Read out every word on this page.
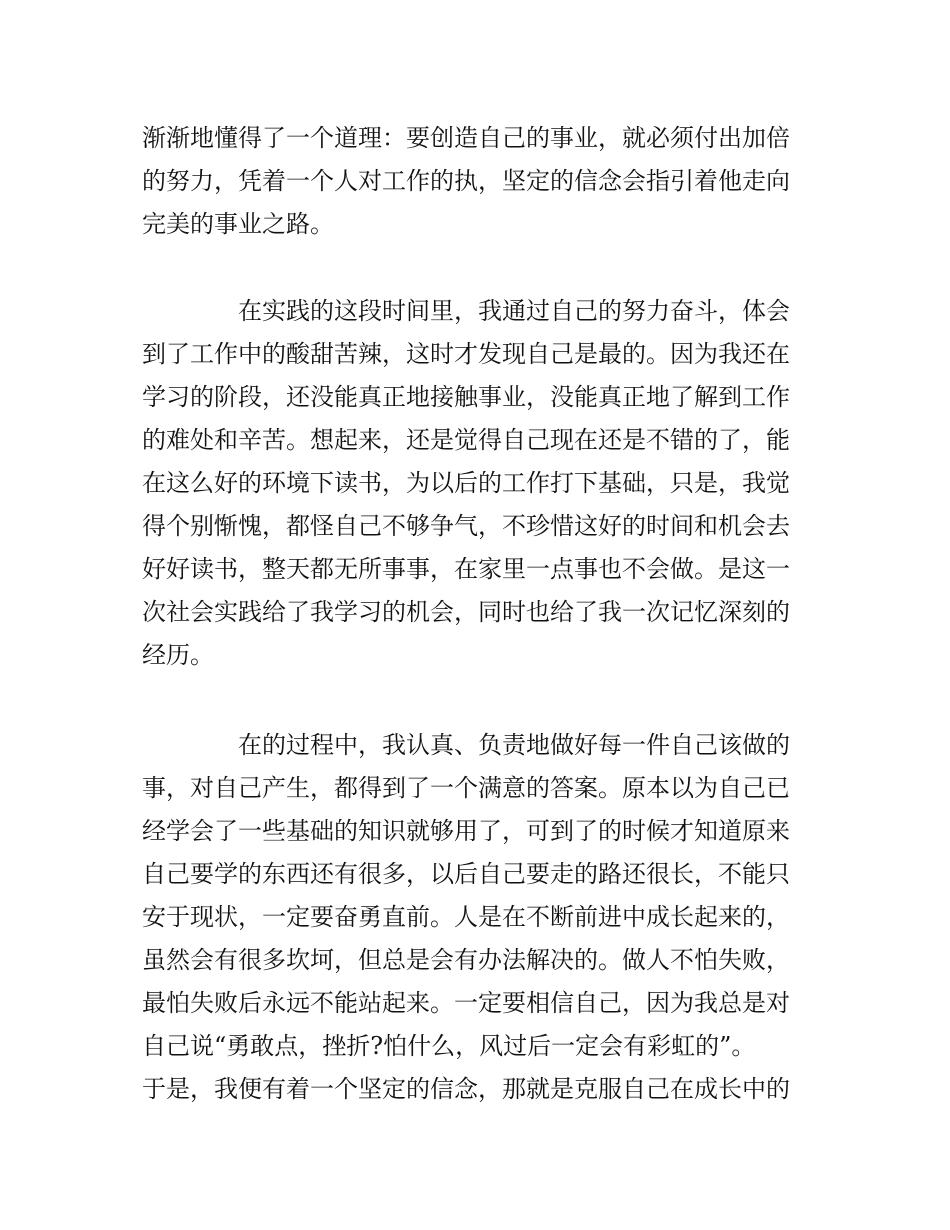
渐渐地懂得了一个道理：要创造自己的事业，就必须付出加倍
的努力，凭着一个人对工作的执，坚定的信念会指引着他走向
完美的事业之路。
在实践的这段时间里，我通过自己的努力奋斗，体会
到了工作中的酸甜苦辣，这时才发现自己是最的。因为我还在
学习的阶段，还没能真正地接触事业，没能真正地了解到工作
的难处和辛苦。想起来，还是觉得自己现在还是不错的了，能
在这么好的环境下读书，为以后的工作打下基础，只是，我觉
得个别惭愧，都怪自己不够争气，不珍惜这好的时间和机会去
好好读书，整天都无所事事，在家里一点事也不会做。是这一
次社会实践给了我学习的机会，同时也给了我一次记忆深刻的
经历。
在的过程中，我认真、负责地做好每一件自己该做的
事，对自己产生，都得到了一个满意的答案。原本以为自己已
经学会了一些基础的知识就够用了，可到了的时候才知道原来
自己要学的东西还有很多，以后自己要走的路还很长，不能只
安于现状，一定要奋勇直前。人是在不断前进中成长起来的，
虽然会有很多坎坷，但总是会有办法解决的。做人不怕失败，
最怕失败后永远不能站起来。一定要相信自己，因为我总是对
自己说“勇敢点，挫折?怕什么，风过后一定会有彩虹的”。
于是，我便有着一个坚定的信念，那就是克服自己在成长中的
